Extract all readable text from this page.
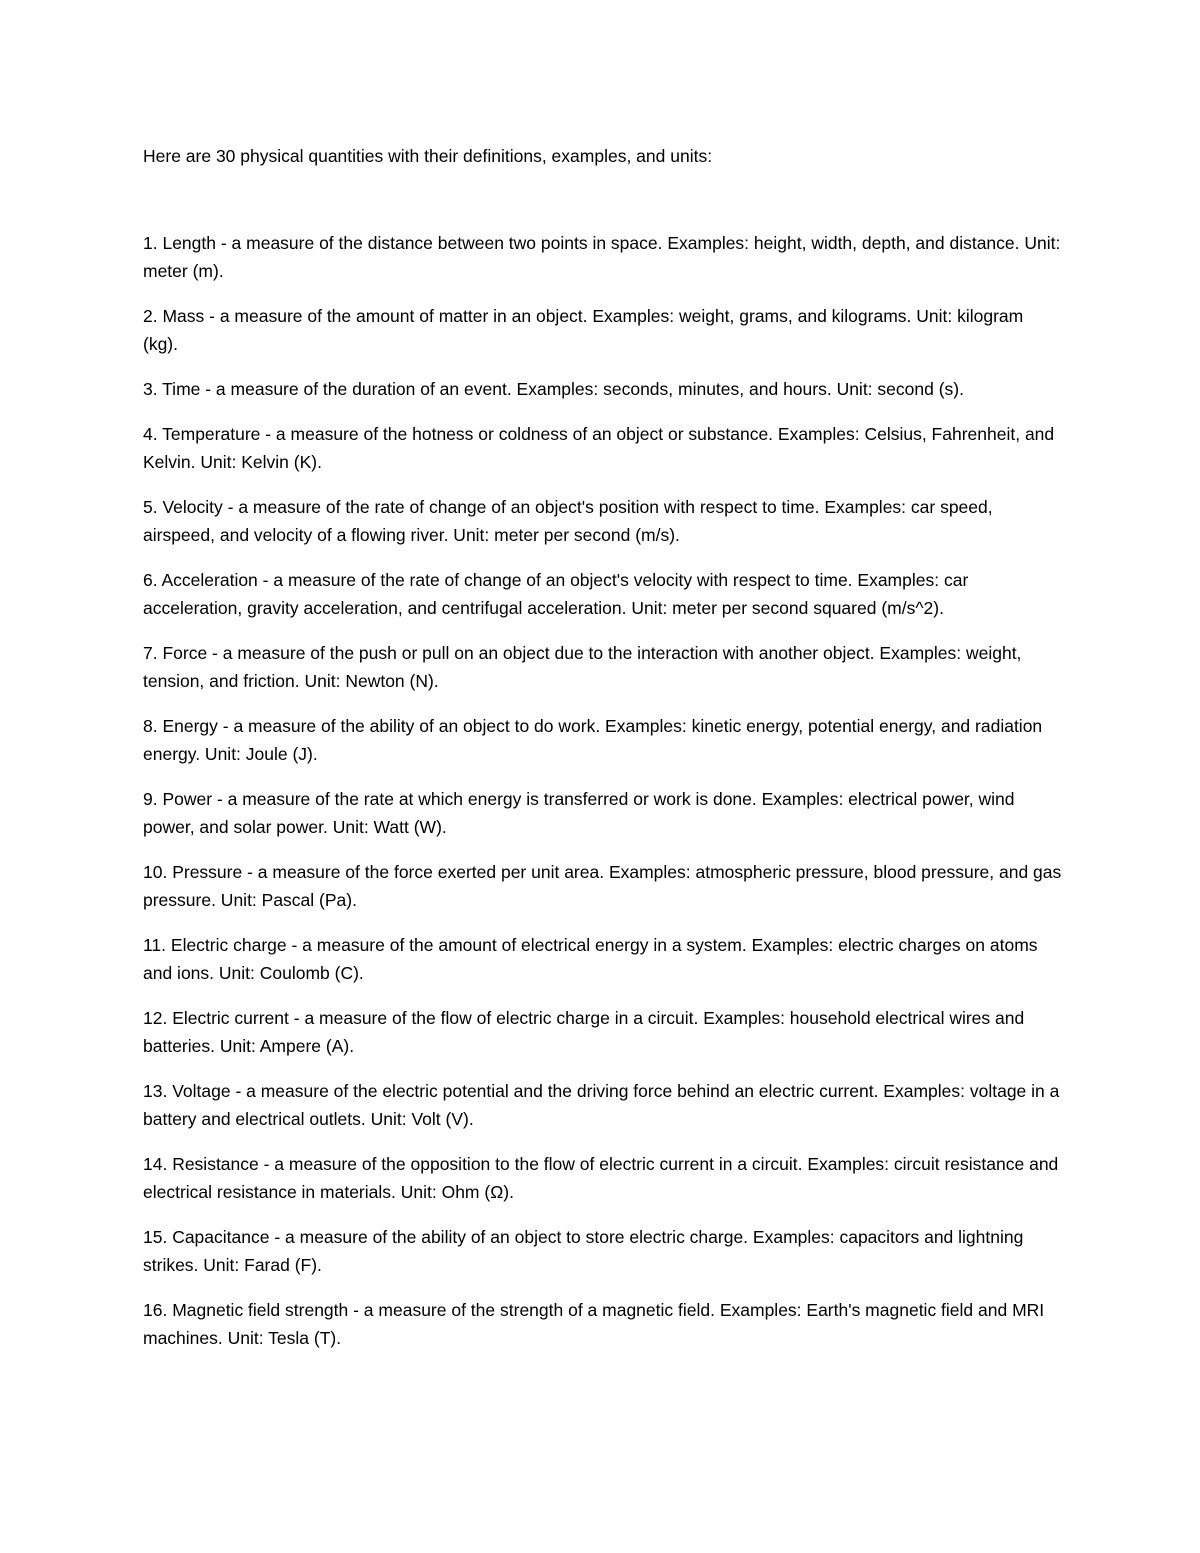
Here are 30 physical quantities with their definitions, examples, and units:

1. Length - a measure of the distance between two points in space. Examples: height, width, depth, and distance. Unit: meter (m).

2. Mass - a measure of the amount of matter in an object. Examples: weight, grams, and kilograms. Unit: kilogram (kg).

3. Time - a measure of the duration of an event. Examples: seconds, minutes, and hours. Unit: second (s).

4. Temperature - a measure of the hotness or coldness of an object or substance. Examples: Celsius, Fahrenheit, and Kelvin. Unit: Kelvin (K).

5. Velocity - a measure of the rate of change of an object's position with respect to time. Examples: car speed, airspeed, and velocity of a flowing river. Unit: meter per second (m/s).

6. Acceleration - a measure of the rate of change of an object's velocity with respect to time. Examples: car acceleration, gravity acceleration, and centrifugal acceleration. Unit: meter per second squared (m/s^2).

7. Force - a measure of the push or pull on an object due to the interaction with another object. Examples: weight, tension, and friction. Unit: Newton (N).

8. Energy - a measure of the ability of an object to do work. Examples: kinetic energy, potential energy, and radiation energy. Unit: Joule (J).

9. Power - a measure of the rate at which energy is transferred or work is done. Examples: electrical power, wind power, and solar power. Unit: Watt (W).

10. Pressure - a measure of the force exerted per unit area. Examples: atmospheric pressure, blood pressure, and gas pressure. Unit: Pascal (Pa).

11. Electric charge - a measure of the amount of electrical energy in a system. Examples: electric charges on atoms and ions. Unit: Coulomb (C).

12. Electric current - a measure of the flow of electric charge in a circuit. Examples: household electrical wires and batteries. Unit: Ampere (A).

13. Voltage - a measure of the electric potential and the driving force behind an electric current. Examples: voltage in a battery and electrical outlets. Unit: Volt (V).

14. Resistance - a measure of the opposition to the flow of electric current in a circuit. Examples: circuit resistance and electrical resistance in materials. Unit: Ohm (Ω).

15. Capacitance - a measure of the ability of an object to store electric charge. Examples: capacitors and lightning strikes. Unit: Farad (F).

16. Magnetic field strength - a measure of the strength of a magnetic field. Examples: Earth's magnetic field and MRI machines. Unit: Tesla (T).
